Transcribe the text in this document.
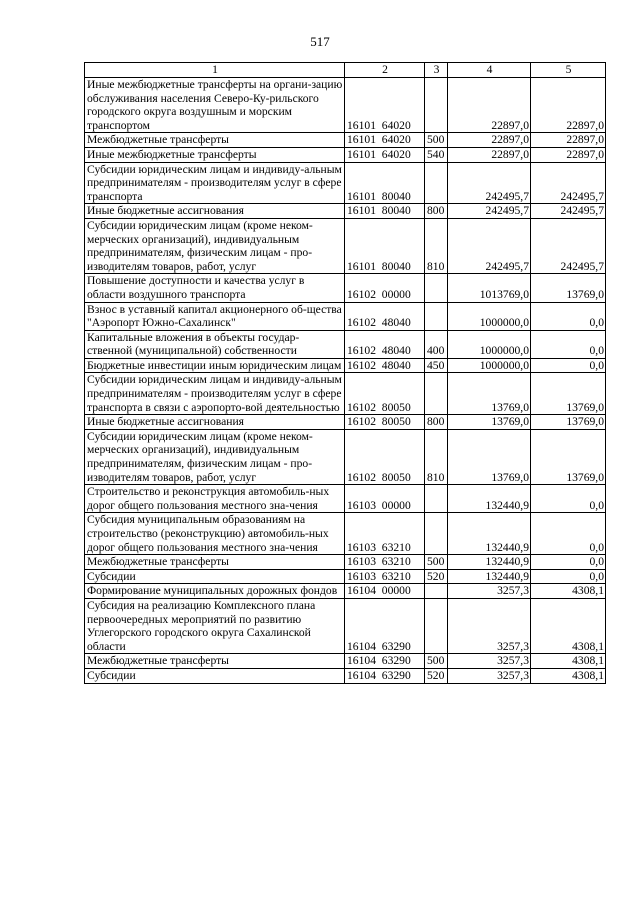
517
1	2	3	4	5
Иные межбюджетные трансферты на органи-зацию обслуживания населения Северо-Ку-рильского городского округа воздушным и морским транспортом	16101  64020		22897,0	22897,0
Межбюджетные трансферты	16101  64020	500	22897,0	22897,0
Иные межбюджетные трансферты	16101  64020	540	22897,0	22897,0
Субсидии юридическим лицам и индивиду-альным предпринимателям - производителям услуг в сфере транспорта	16101  80040		242495,7	242495,7
Иные бюджетные ассигнования	16101  80040	800	242495,7	242495,7
Субсидии юридическим лицам (кроме неком-мерческих организаций), индивидуальным предпринимателям, физическим лицам - про-изводителям товаров, работ, услуг	16101  80040	810	242495,7	242495,7
Повышение доступности и качества услуг в области воздушного транспорта	16102  00000		1013769,0	13769,0
Взнос в уставный капитал акционерного об-щества "Аэропорт Южно-Сахалинск"	16102  48040		1000000,0	0,0
Капитальные вложения в объекты государ-ственной (муниципальной) собственности	16102  48040	400	1000000,0	0,0
Бюджетные инвестиции иным юридическим лицам	16102  48040	450	1000000,0	0,0
Субсидии юридическим лицам и индивиду-альным предпринимателям - производителям услуг в сфере транспорта в связи с аэропорто-вой деятельностью	16102  80050		13769,0	13769,0
Иные бюджетные ассигнования	16102  80050	800	13769,0	13769,0
Субсидии юридическим лицам (кроме неком-мерческих организаций), индивидуальным предпринимателям, физическим лицам - про-изводителям товаров, работ, услуг	16102  80050	810	13769,0	13769,0
Строительство и реконструкция автомобиль-ных дорог общего пользования местного зна-чения	16103  00000		132440,9	0,0
Субсидия муниципальным образованиям на строительство (реконструкцию) автомобиль-ных дорог общего пользования местного зна-чения	16103  63210		132440,9	0,0
Межбюджетные трансферты	16103  63210	500	132440,9	0,0
Субсидии	16103  63210	520	132440,9	0,0
Формирование муниципальных дорожных фондов	16104  00000		3257,3	4308,1
Субсидия на реализацию Комплексного плана первоочередных мероприятий по развитию Углегорского городского округа Сахалинской области	16104  63290		3257,3	4308,1
Межбюджетные трансферты	16104  63290	500	3257,3	4308,1
Субсидии	16104  63290	520	3257,3	4308,1
